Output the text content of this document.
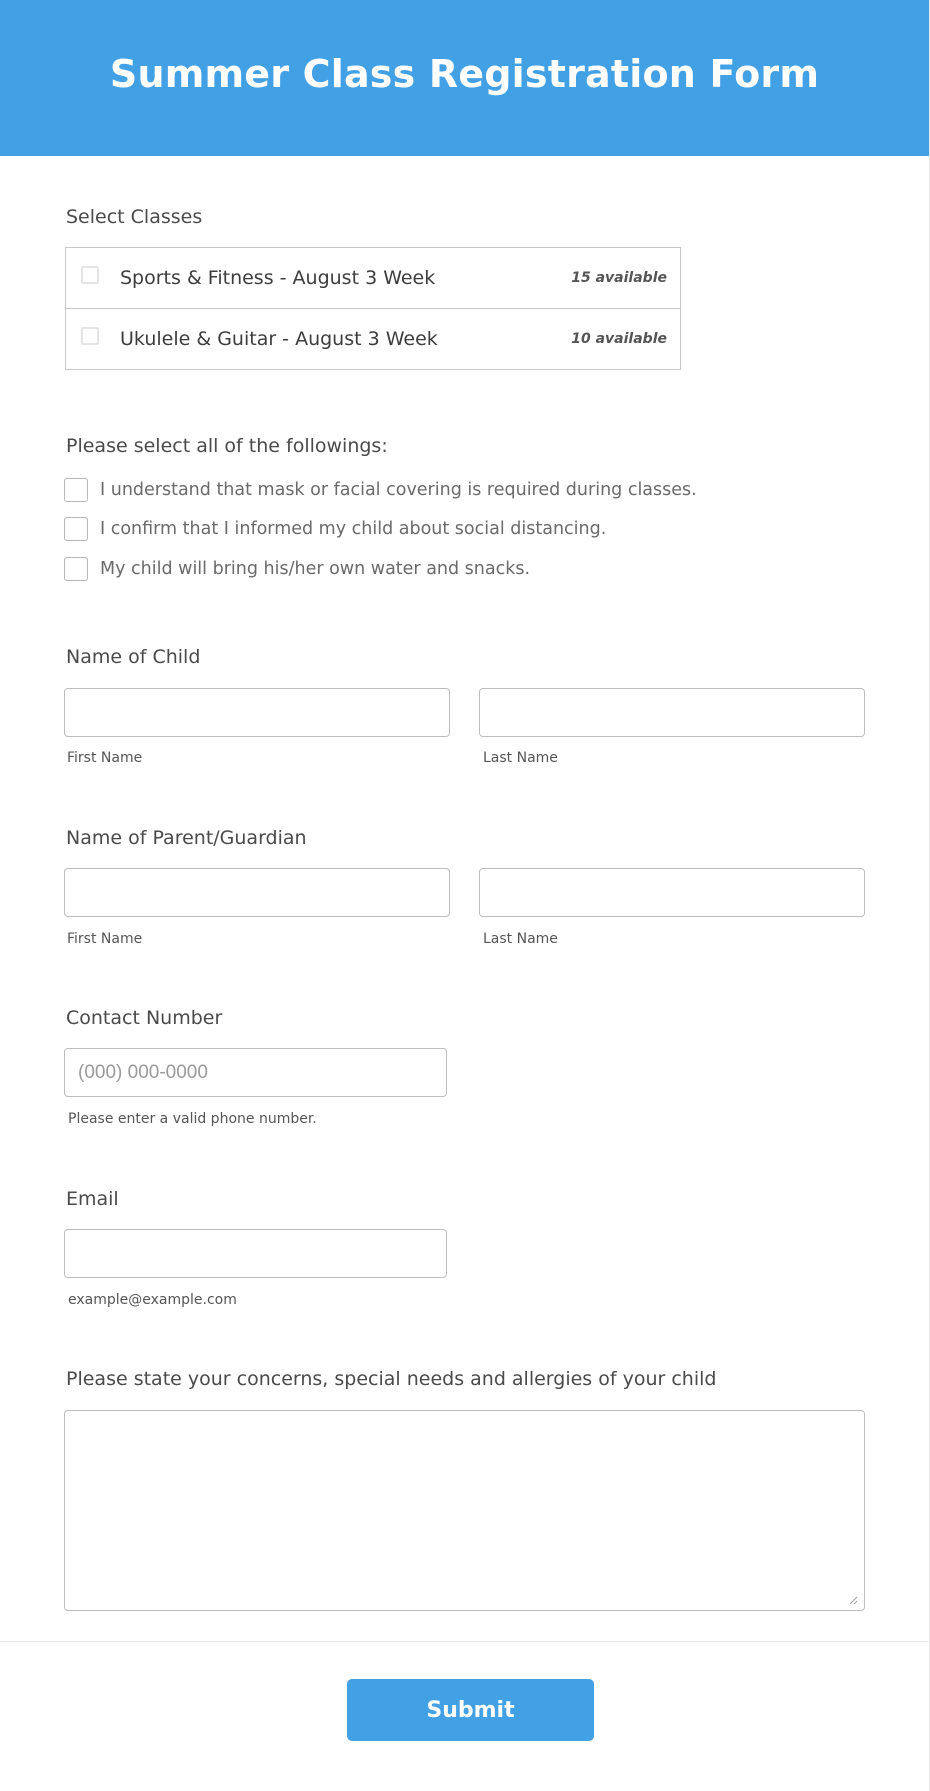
Summer Class Registration Form
Select Classes
Sports & Fitness - August 3 Week	15 available
Ukulele & Guitar - August 3 Week	10 available
Please select all of the followings:
I understand that mask or facial covering is required during classes.
I confirm that I informed my child about social distancing.
My child will bring his/her own water and snacks.
Name of Child
First Name	Last Name
Name of Parent/Guardian
First Name	Last Name
Contact Number
(000) 000-0000
Please enter a valid phone number.
Email
example@example.com
Please state your concerns, special needs and allergies of your child
Submit
